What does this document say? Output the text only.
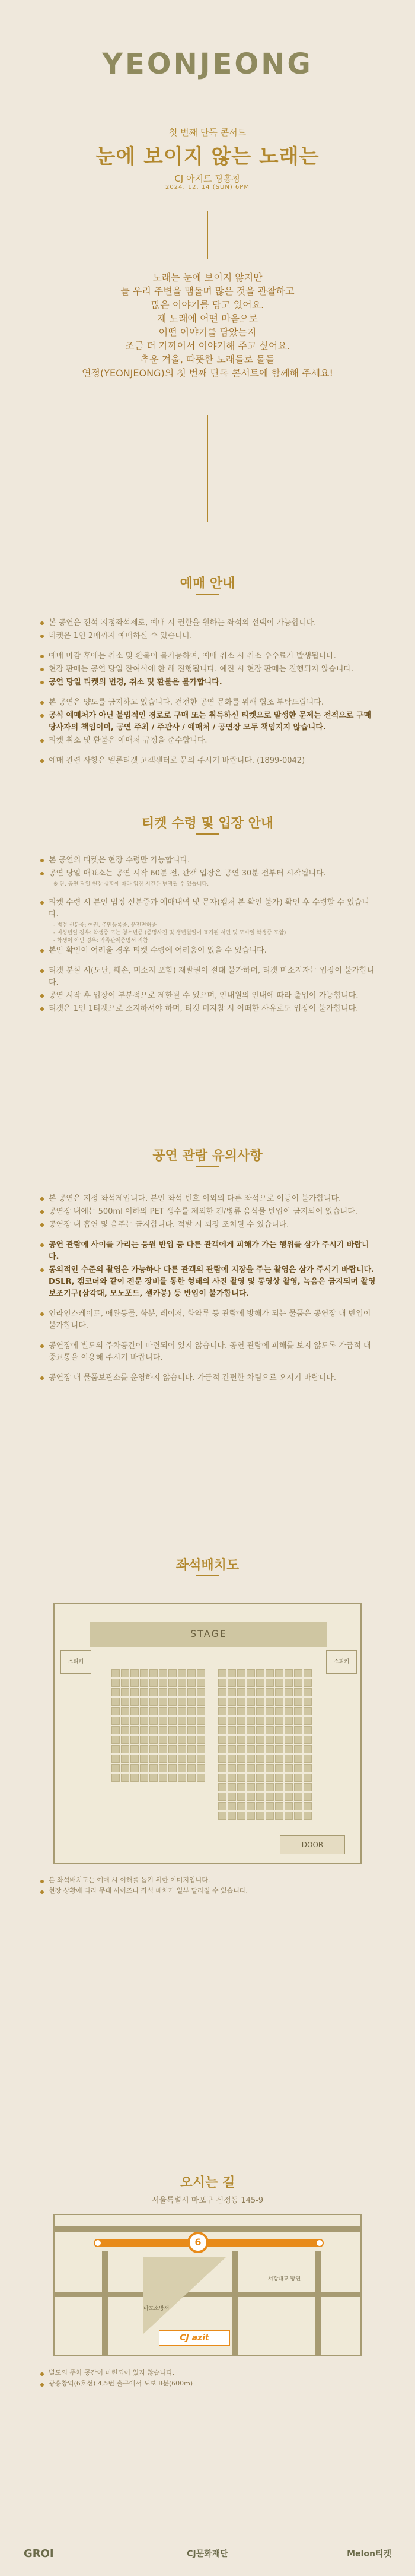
YEONJEONG
첫 번째 단독 콘서트
눈에 보이지 않는 노래는
CJ 아지트 광흥창
2024. 12. 14 (SUN) 6PM
노래는 눈에 보이지 않지만
늘 우리 주변을 맴돌며 많은 것을 관찰하고
많은 이야기를 담고 있어요.
제 노래에 어떤 마음으로
어떤 이야기를 담았는지
조금 더 가까이서 이야기해 주고 싶어요.
추운 겨울, 따뜻한 노래들로 물들
연정(YEONJEONG)의 첫 번째 단독 콘서트에 함께해 주세요!
예매 안내
본 공연은 전석 지정좌석제로, 예매 시 권한을 원하는 좌석의 선택이 가능합니다.
티켓은 1인 2매까지 예매하실 수 있습니다.
예매 마감 후에는 취소 및 환불이 불가능하며, 예매 취소 시 취소 수수료가 발생됩니다.
현장 판매는 공연 당일 잔여석에 한 해 진행됩니다. 예진 시 현장 판매는 진행되지 않습니다.
공연 당일 티켓의 변경, 취소 및 환불은 불가합니다.
본 공연은 양도를 금지하고 있습니다. 건전한 공연 문화를 위해 협조 부탁드립니다.
공식 예매처가 아닌 불법적인 경로로 구매 또는 취득하신 티켓으로 발생한 문제는 전적으로 구매 당사자의 책임이며, 공연 주최 / 주관사 / 예매처 / 공연장 모두 책임지지 않습니다.
티켓 취소 및 환불은 예매처 규정을 준수합니다.
예매 관련 사항은 멜론티켓 고객센터로 문의 주시기 바랍니다. (1899-0042)
티켓 수령 및 입장 안내
본 공연의 티켓은 현장 수령만 가능합니다.
공연 당일 매표소는 공연 시작 60분 전, 관객 입장은 공연 30분 전부터 시작됩니다.
※ 단, 공연 당일 현장 상황에 따라 입장 시간은 변경될 수 있습니다.
티켓 수령 시 본인 법정 신분증과 예매내역 및 문자(캡처 본 확인 불가) 확인 후 수령할 수 있습니다.
- 법정 신분증: 여권, 주민등록증, 운전면허증
- 미성년일 경우: 학생증 또는 청소년증 (증명사진 및 생년월일이 표기된 서면 및 모바일 학생증 포함)
- 학생이 아닌 경우: 가족관계증명서 지참
본인 확인이 어려울 경우 티켓 수령에 어려움이 있을 수 있습니다.
티켓 분실 시(도난, 훼손, 미소지 포함) 재발권이 절대 불가하며, 티켓 미소지자는 입장이 불가합니다.
공연 시작 후 입장이 부분적으로 제한될 수 있으며, 안내원의 안내에 따라 출입이 가능합니다.
티켓은 1인 1티켓으로 소지하셔야 하며, 티켓 미지참 시 어떠한 사유로도 입장이 불가합니다.
공연 관람 유의사항
본 공연은 지정 좌석제입니다. 본인 좌석 번호 이외의 다른 좌석으로 이동이 불가합니다.
공연장 내에는 500ml 이하의 PET 생수를 제외한 캔/병류 음식물 반입이 금지되어 있습니다.
공연장 내 흡연 및 음주는 금지합니다. 적발 시 퇴장 조치될 수 있습니다.
공연 관람에 사이를 가리는 응원 반입 등 다른 관객에게 피해가 가는 행위를 삼가 주시기 바랍니다.
동의적인 수준의 촬영은 가능하나 다른 관객의 관람에 지장을 주는 촬영은 삼가 주시기 바랍니다. DSLR, 캠코더와 같이 전문 장비를 통한 형태의 사진 촬영 및 동영상 촬영, 녹음은 금지되며 촬영 보조기구(삼각대, 모노포드, 셀카봉) 등 반입이 불가합니다.
인라인스케이트, 애완동물, 화분, 레이저, 화약류 등 관람에 방해가 되는 물품은 공연장 내 반입이 불가합니다.
공연장에 별도의 주차공간이 마련되어 있지 않습니다. 공연 관람에 피해를 보지 않도록 가급적 대중교통을 이용해 주시기 바랍니다.
공연장 내 물품보관소를 운영하지 않습니다. 가급적 간편한 차림으로 오시기 바랍니다.
좌석배치도
STAGE
스피커	스피커
DOOR
본 좌석배치도는 예매 시 이해를 돕기 위한 이미지입니다.
현장 상황에 따라 무대 사이즈나 좌석 배치가 일부 달라질 수 있습니다.
오시는 길
서울특별시 마포구 신정동 145-9
6
마포소방서
서강대교 방면
CJ azit
별도의 주차 공간이 마련되어 있지 않습니다.
광흥창역(6호선) 4,5번 출구에서 도보 8분(600m)
GROI	CJ문화재단	Melon티켓
